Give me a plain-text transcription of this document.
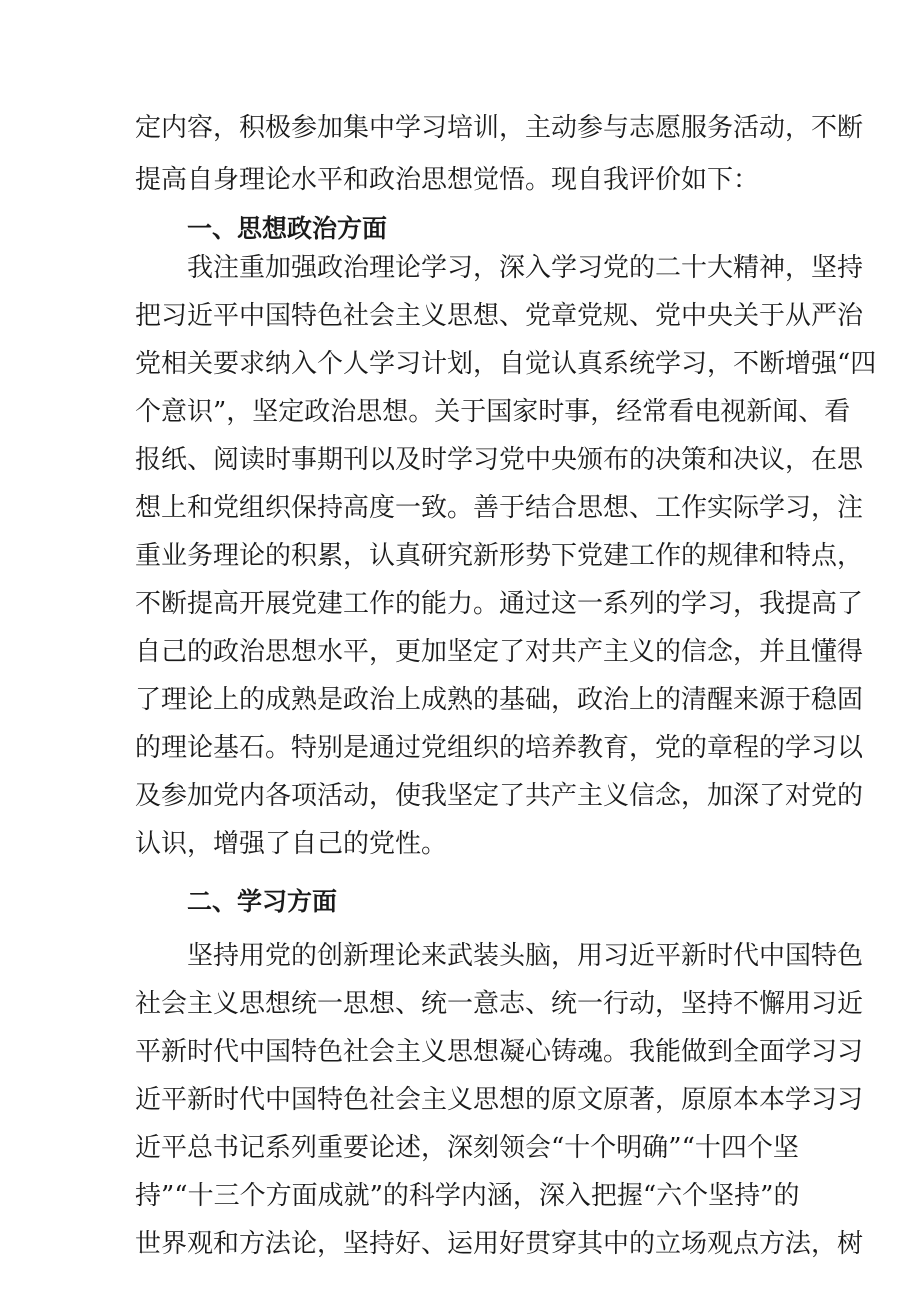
定内容，积极参加集中学习培训，主动参与志愿服务活动，不断
提高自身理论水平和政治思想觉悟。现自我评价如下：
一、思想政治方面
我注重加强政治理论学习，深入学习党的二十大精神，坚持
把习近平中国特色社会主义思想、党章党规、党中央关于从严治
党相关要求纳入个人学习计划，自觉认真系统学习，不断增强“四
个意识”，坚定政治思想。关于国家时事，经常看电视新闻、看
报纸、阅读时事期刊以及时学习党中央颁布的决策和决议，在思
想上和党组织保持高度一致。善于结合思想、工作实际学习，注
重业务理论的积累，认真研究新形势下党建工作的规律和特点，
不断提高开展党建工作的能力。通过这一系列的学习，我提高了
自己的政治思想水平，更加坚定了对共产主义的信念，并且懂得
了理论上的成熟是政治上成熟的基础，政治上的清醒来源于稳固
的理论基石。特别是通过党组织的培养教育，党的章程的学习以
及参加党内各项活动，使我坚定了共产主义信念，加深了对党的
认识，增强了自己的党性。
二、学习方面
坚持用党的创新理论来武装头脑，用习近平新时代中国特色
社会主义思想统一思想、统一意志、统一行动，坚持不懈用习近
平新时代中国特色社会主义思想凝心铸魂。我能做到全面学习习
近平新时代中国特色社会主义思想的原文原著，原原本本学习习
近平总书记系列重要论述，深刻领会“十个明确”“十四个坚
持”“十三个方面成就”的科学内涵，深入把握“六个坚持”的
世界观和方法论，坚持好、运用好贯穿其中的立场观点方法，树
